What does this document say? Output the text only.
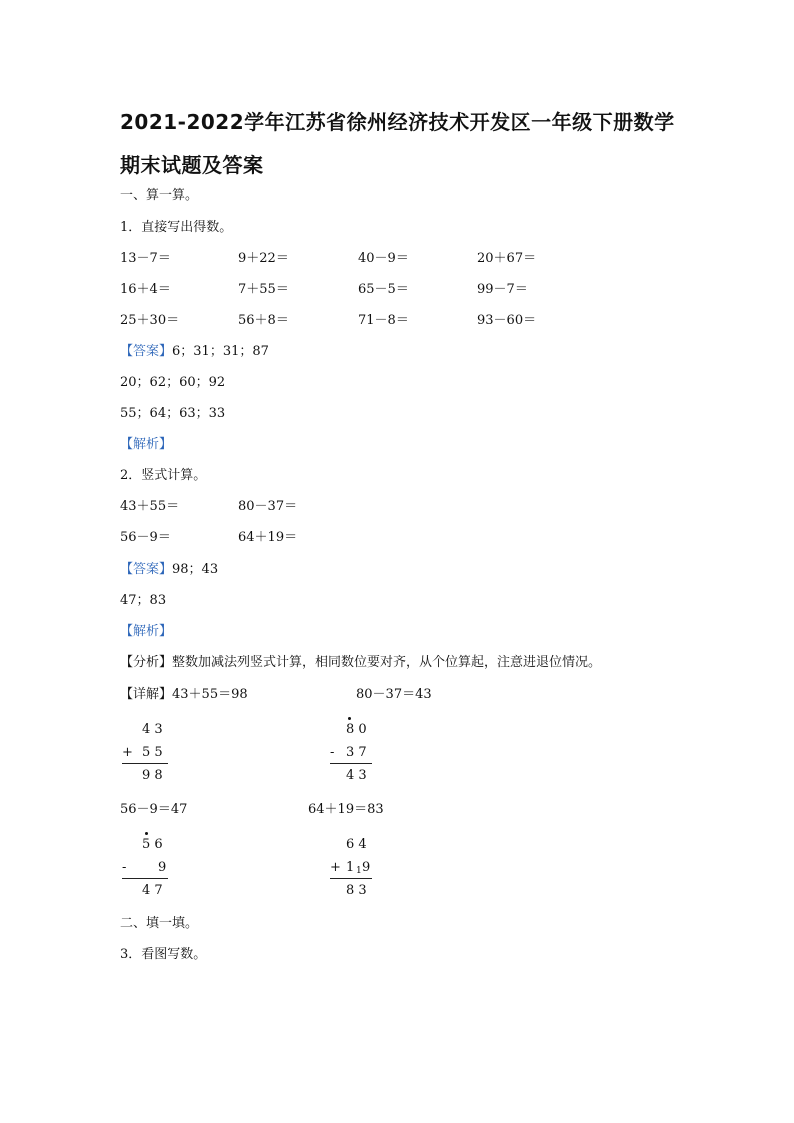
2021-2022学年江苏省徐州经济技术开发区一年级下册数学
期末试题及答案
一、算一算。
1．直接写出得数。
13－7＝	9＋22＝	40－9＝	20＋67＝
16＋4＝	7＋55＝	65－5＝	99－7＝
25＋30＝	56＋8＝	71－8＝	93－60＝
【答案】6；31；31；87
20；62；60；92
55；64；63；33
【解析】
2．竖式计算。
43＋55＝	80－37＝
56－9＝	64＋19＝
【答案】98；43
47；83
【解析】
【分析】整数加减法列竖式计算，相同数位要对齐，从个位算起，注意进退位情况。
【详解】43＋55＝98	80－37＝43
4 3
+ 5 5
9 8
8 0
- 3 7
4 3
56－9＝47	64＋19＝83
5 6
- 9
4 7
6 4
+ 1 1 9
8 3
二、填一填。
3．看图写数。
